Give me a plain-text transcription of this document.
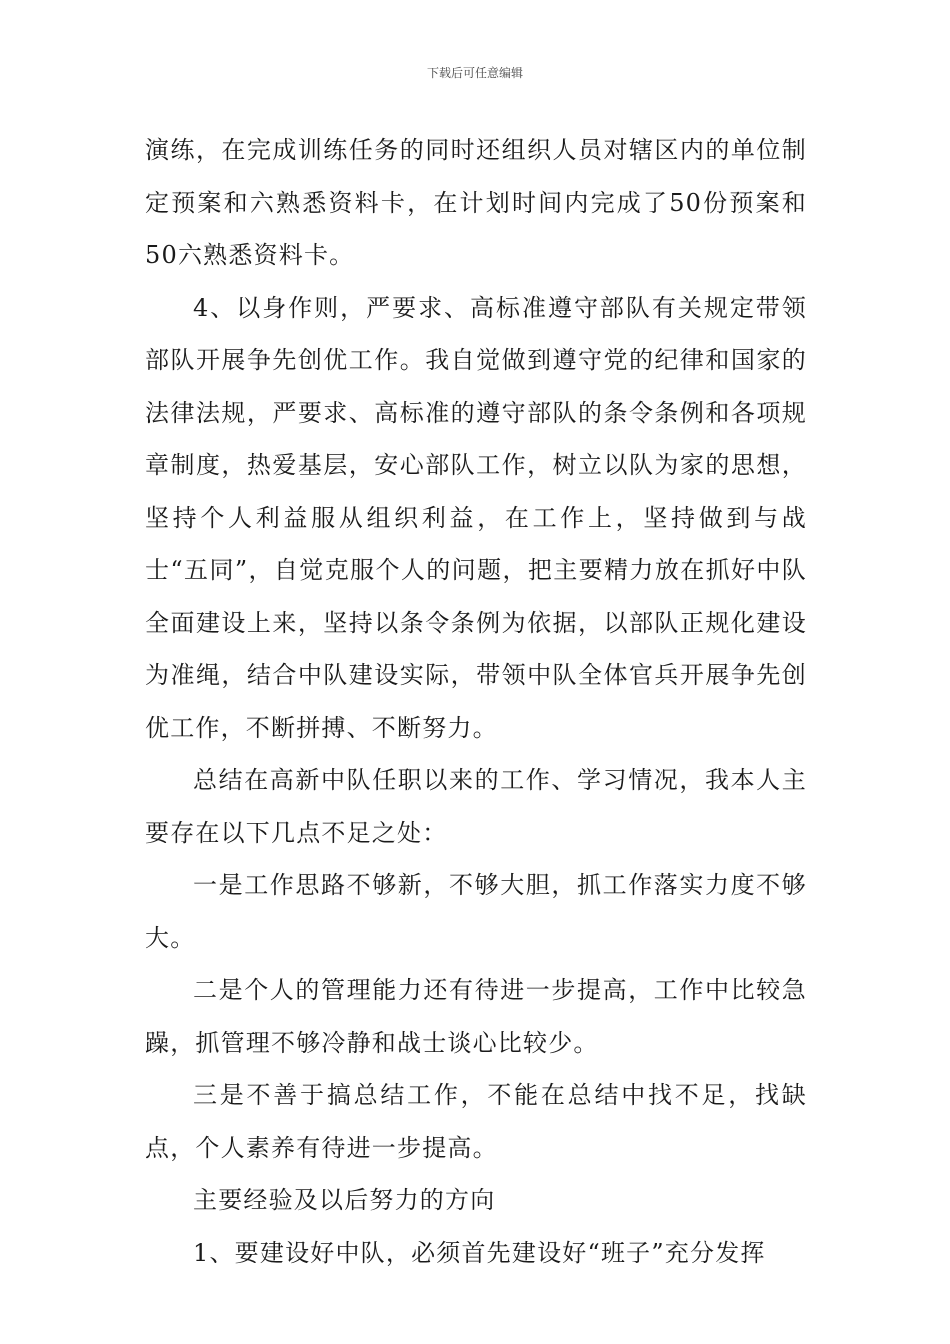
下载后可任意编辑

演练，在完成训练任务的同时还组织人员对辖区内的单位制定预案和六熟悉资料卡，在计划时间内完成了50份预案和50六熟悉资料卡。

4、以身作则，严要求、高标准遵守部队有关规定带领部队开展争先创优工作。我自觉做到遵守党的纪律和国家的法律法规，严要求、高标准的遵守部队的条令条例和各项规章制度，热爱基层，安心部队工作，树立以队为家的思想，坚持个人利益服从组织利益，在工作上，坚持做到与战士“五同”，自觉克服个人的问题，把主要精力放在抓好中队全面建设上来，坚持以条令条例为依据，以部队正规化建设为准绳，结合中队建设实际，带领中队全体官兵开展争先创优工作，不断拼搏、不断努力。

总结在高新中队任职以来的工作、学习情况，我本人主要存在以下几点不足之处：

一是工作思路不够新，不够大胆，抓工作落实力度不够大。

二是个人的管理能力还有待进一步提高，工作中比较急躁，抓管理不够冷静和战士谈心比较少。

三是不善于搞总结工作，不能在总结中找不足，找缺点，个人素养有待进一步提高。

主要经验及以后努力的方向

1、要建设好中队，必须首先建设好“班子”充分发挥
